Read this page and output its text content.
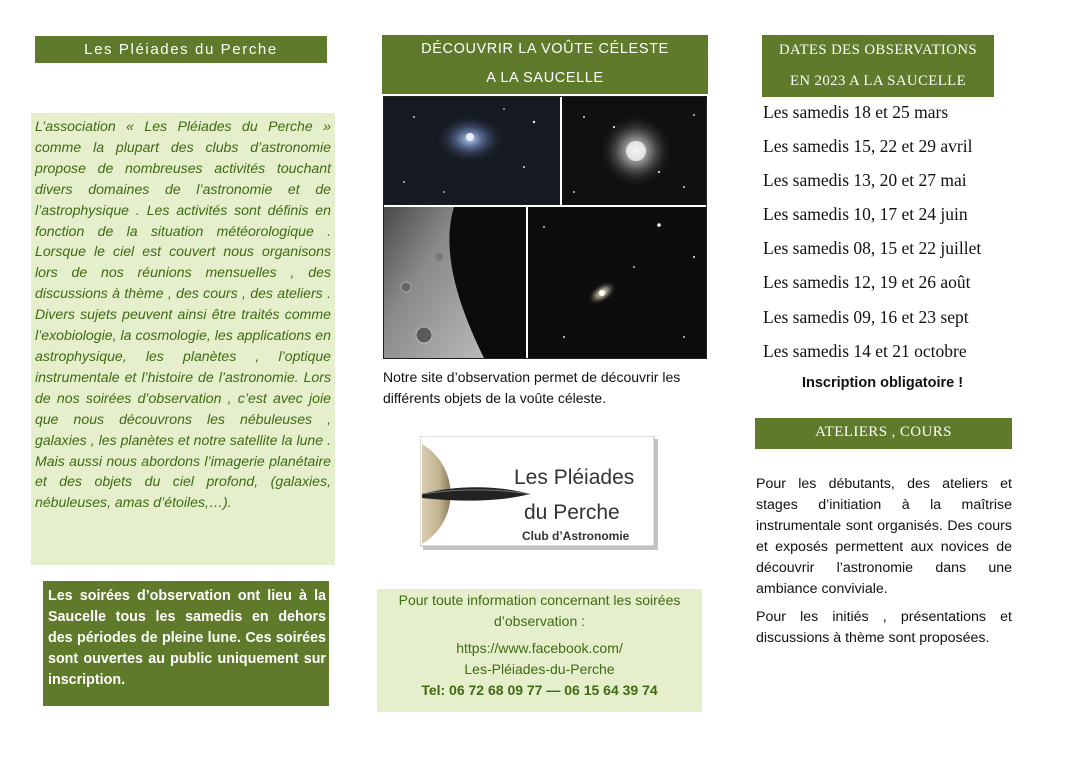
Les Pléiades du Perche
L’association « Les Pléiades du Perche » comme la plupart des clubs d’astronomie propose de nombreuses activités touchant divers domaines de l’astronomie et de l’astrophysique . Les activités sont définis en fonction de la situation météorologique . Lorsque le ciel est couvert nous organisons lors de nos réunions mensuelles , des discussions à thème , des cours , des ateliers . Divers sujets peuvent ainsi être traités comme l’exobiologie, la cosmologie, les applications en astrophysique, les planètes , l’optique instrumentale et l’histoire de l’astronomie. Lors de nos soirées d’observation , c’est avec joie que nous découvrons les nébuleuses , galaxies , les planètes et notre satellite la lune . Mais aussi nous abordons l’imagerie planétaire et des objets du ciel profond, (galaxies, nébuleuses, amas d’étoiles,…).
Les soirées d’observation ont lieu à la Saucelle tous les samedis en dehors des périodes de pleine lune. Ces soirées sont ouvertes au public uniquement sur inscription.
DÉCOUVRIR LA VOÛTE CÉLESTE
A LA SAUCELLE
Notre site d’observation permet de découvrir les différents objets de la voûte céleste.
Les Pléiades
du Perche
Club d’Astronomie
Pour toute information concernant les soirées d’observation :
https://www.facebook.com/
Les-Pléiades-du-Perche
Tel: 06 72 68 09 77 — 06 15 64 39 74
DATES DES OBSERVATIONS
EN 2023 A LA SAUCELLE
Les samedis 18 et 25 mars
Les samedis 15, 22 et 29 avril
Les samedis 13, 20 et 27 mai
Les samedis 10, 17 et 24 juin
Les samedis 08, 15 et 22 juillet
Les samedis 12, 19 et 26 août
Les samedis 09, 16 et 23 sept
Les samedis 14 et 21 octobre
Inscription obligatoire !
ATELIERS , COURS

Pour les débutants, des ateliers et stages d’initiation à la maîtrise instrumentale sont organisés. Des cours et exposés permettent aux novices de découvrir l’astronomie dans une ambiance conviviale.

Pour les initiés , présentations et discussions à thème sont proposées.
